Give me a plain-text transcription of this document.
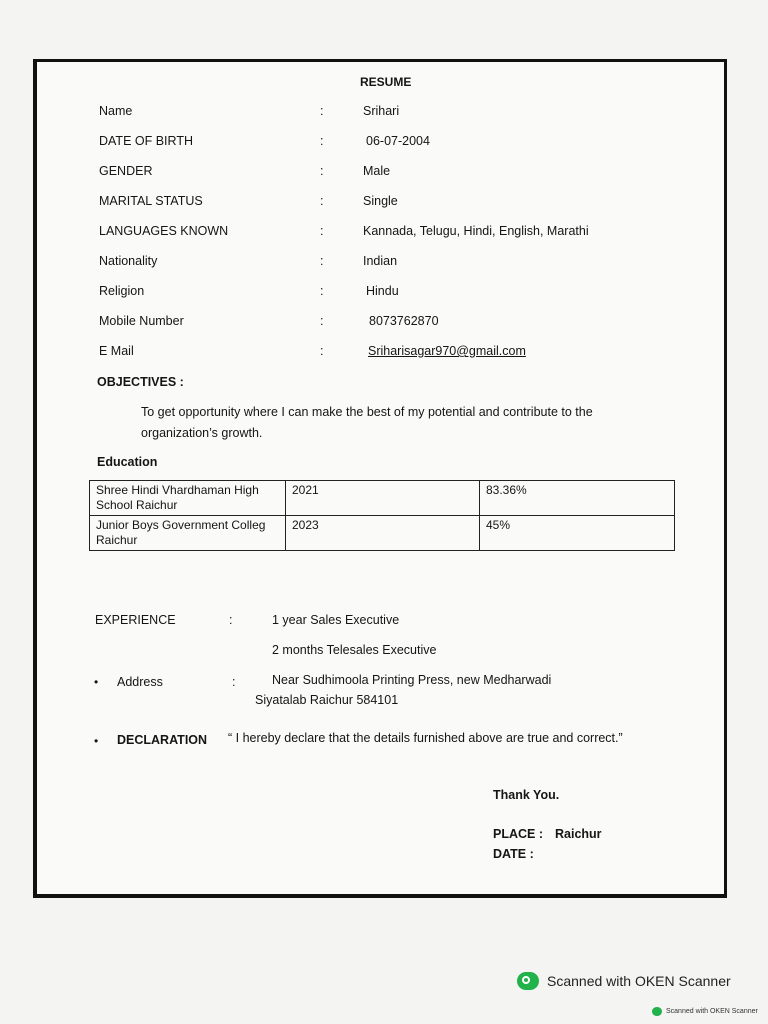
RESUME
Name	:	Srihari
DATE OF BIRTH	:	06-07-2004
GENDER	:	Male
MARITAL STATUS	:	Single
LANGUAGES KNOWN	:	Kannada, Telugu, Hindi, English, Marathi
Nationality	:	Indian
Religion	:	Hindu
Mobile Number	:	8073762870
E Mail	:	Sriharisagar970@gmail.com
OBJECTIVES :
To get opportunity where I can make the best of my potential and contribute to the organization’s growth.
Education
Shree Hindi Vhardhaman High School Raichur	2021	83.36%
Junior Boys Government Colleg Raichur	2023	45%
EXPERIENCE	:	1 year Sales Executive
2 months Telesales Executive
• Address	:	Near Sudhimoola Printing Press, new Medharwadi
Siyatalab Raichur 584101
• DECLARATION “ I hereby declare that the details furnished above are true and correct.”
Thank You.
PLACE : Raichur
DATE :
Scanned with OKEN Scanner
Scanned with OKEN Scanner
